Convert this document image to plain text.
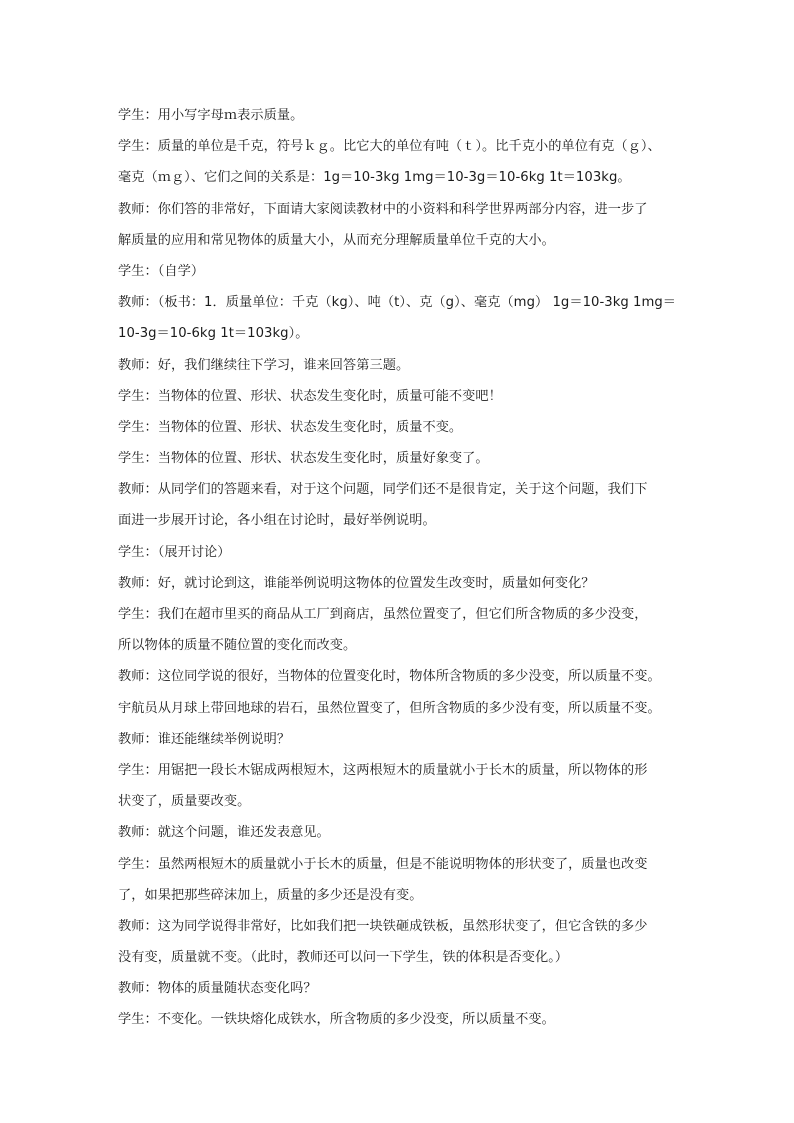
学生：用小写字母ｍ表示质量。
学生：质量的单位是千克，符号ｋｇ。比它大的单位有吨（ｔ）。比千克小的单位有克（ｇ）、
毫克（ｍｇ）、它们之间的关系是：1g＝10-3kg 1mg＝10-3g＝10-6kg 1t＝103kg。
教师：你们答的非常好，下面请大家阅读教材中的小资料和科学世界两部分内容，进一步了
解质量的应用和常见物体的质量大小，从而充分理解质量单位千克的大小。
学生：（自学）
教师：（板书：1．质量单位：千克（kg）、吨（t）、克（g）、毫克（mg） 1g＝10-3kg 1mg＝
10-3g＝10-6kg 1t＝103kg）。
教师：好，我们继续往下学习，谁来回答第三题。
学生：当物体的位置、形状、状态发生变化时，质量可能不变吧！
学生：当物体的位置、形状、状态发生变化时，质量不变。
学生：当物体的位置、形状、状态发生变化时，质量好象变了。
教师：从同学们的答题来看，对于这个问题，同学们还不是很肯定，关于这个问题，我们下
面进一步展开讨论，各小组在讨论时，最好举例说明。
学生：（展开讨论）
教师：好，就讨论到这，谁能举例说明这物体的位置发生改变时，质量如何变化？
学生：我们在超市里买的商品从工厂到商店，虽然位置变了，但它们所含物质的多少没变，
所以物体的质量不随位置的变化而改变。
教师：这位同学说的很好，当物体的位置变化时，物体所含物质的多少没变，所以质量不变。
宇航员从月球上带回地球的岩石，虽然位置变了，但所含物质的多少没有变，所以质量不变。
教师：谁还能继续举例说明？
学生：用锯把一段长木锯成两根短木，这两根短木的质量就小于长木的质量，所以物体的形
状变了，质量要改变。
教师：就这个问题，谁还发表意见。
学生：虽然两根短木的质量就小于长木的质量，但是不能说明物体的形状变了，质量也改变
了，如果把那些碎沫加上，质量的多少还是没有变。
教师：这为同学说得非常好，比如我们把一块铁砸成铁板，虽然形状变了，但它含铁的多少
没有变，质量就不变。（此时，教师还可以问一下学生，铁的体积是否变化。）
教师：物体的质量随状态变化吗？
学生：不变化。一铁块熔化成铁水，所含物质的多少没变，所以质量不变。
